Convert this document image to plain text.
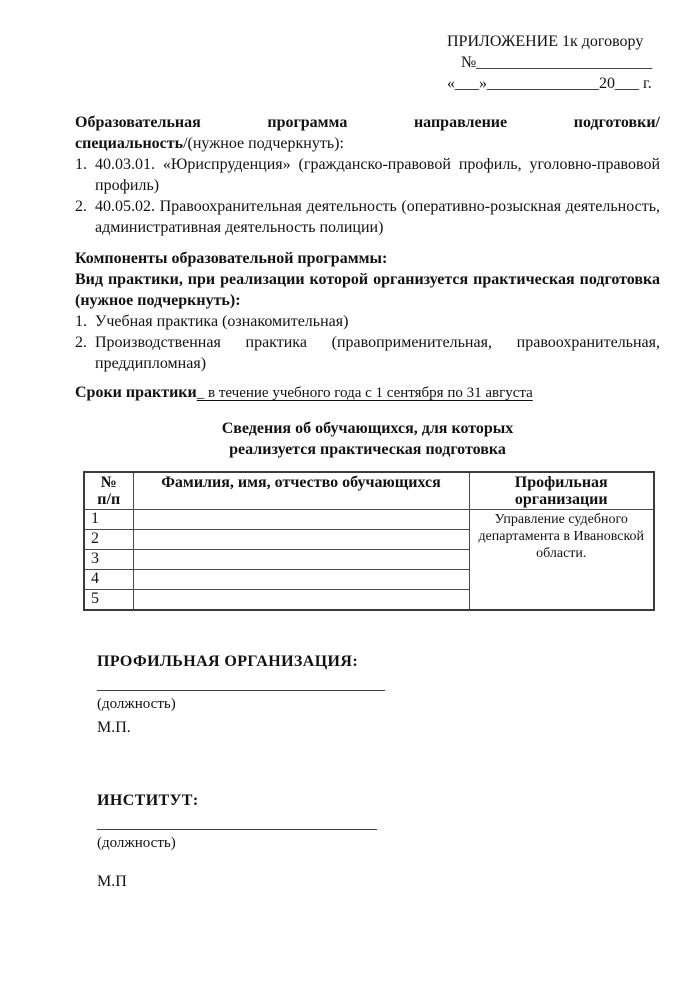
ПРИЛОЖЕНИЕ 1к договору
№______________________
«___»______________20___ г.
Образовательная программа направление подготовки/
специальность/(нужное подчеркнуть):
1. 40.03.01. «Юриспруденция» (гражданско-правовой профиль, уголовно-правовой профиль)
2. 40.05.02. Правоохранительная деятельность (оперативно-розыскная деятельность, административная деятельность полиции)
Компоненты образовательной программы:
Вид практики, при реализации которой организуется практическая подготовка (нужное подчеркнуть):
1. Учебная практика (ознакомительная)
2. Производственная практика (правоприменительная, правоохранительная, преддипломная)
Сроки практики_ в течение учебного года с 1 сентября по 31 августа
Сведения об обучающихся, для которых
реализуется практическая подготовка
№
п/п	Фамилия, имя, отчество обучающихся	Профильная организации
1		Управление судебного департамента в Ивановской области.
2		
3		
4		
5		
ПРОФИЛЬНАЯ ОРГАНИЗАЦИЯ:
____________________________________
(должность)
М.П.
ИНСТИТУТ:
___________________________________
(должность)
М.П
